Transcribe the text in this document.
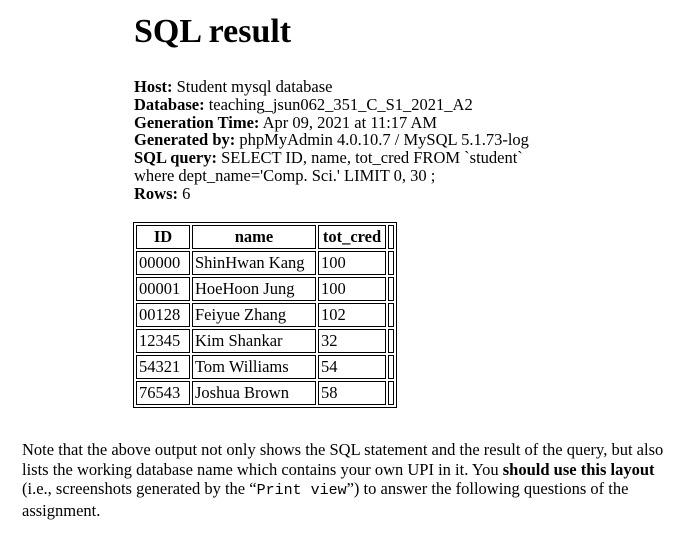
SQL result
Host: Student mysql database
Database: teaching_jsun062_351_C_S1_2021_A2
Generation Time: Apr 09, 2021 at 11:17 AM
Generated by: phpMyAdmin 4.0.10.7 / MySQL 5.1.73-log
SQL query: SELECT ID, name, tot_cred FROM `student`
where dept_name='Comp. Sci.' LIMIT 0, 30 ;
Rows: 6
ID	name	tot_cred	
00000	ShinHwan Kang	100	
00001	HoeHoon Jung	100	
00128	Feiyue Zhang	102	
12345	Kim Shankar	32	
54321	Tom Williams	54	
76543	Joshua Brown	58	

Note that the above output not only shows the SQL statement and the result of the query, but also lists the working database name which contains your own UPI in it. You should use this layout (i.e., screenshots generated by the “Print view”) to answer the following questions of the assignment.
